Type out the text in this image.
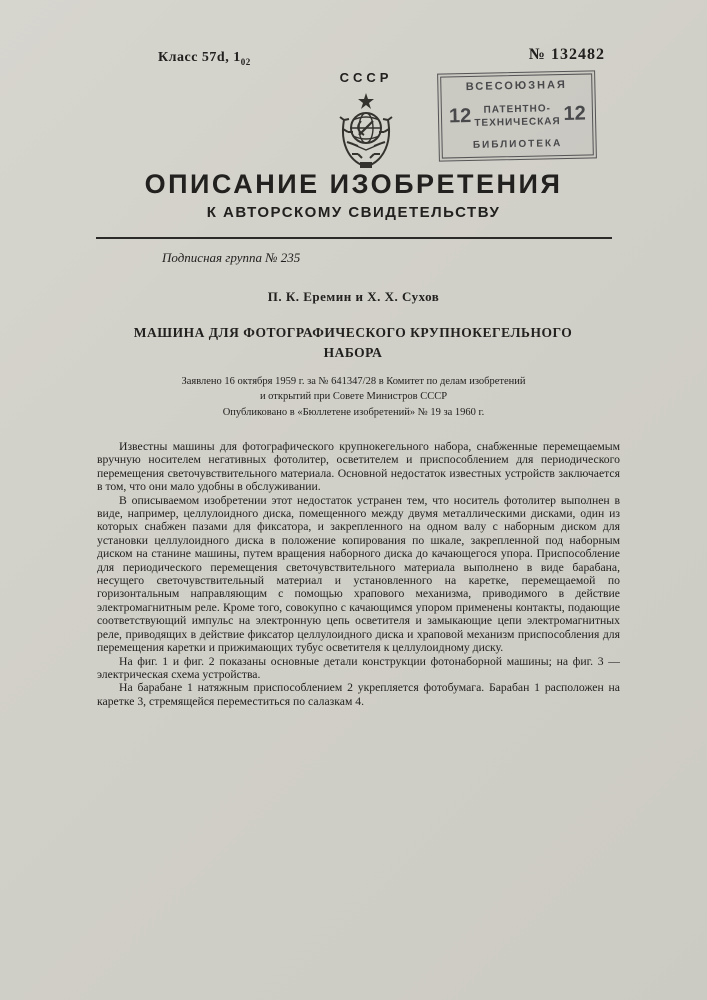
Класс 57d, $1_{02}$	№ 132482
СССР
ВСЕСОЮЗНАЯ
12	ПАТЕНТНО-
ТЕХНИЧЕСКАЯ 12
БИБЛИОТЕКА
ОПИСАНИЕ ИЗОБРЕТЕНИЯ
К АВТОРСКОМУ СВИДЕТЕЛЬСТВУ
Подписная группа № 235
П. К. Еремин и Х. Х. Сухов
МАШИНА ДЛЯ ФОТОГРАФИЧЕСКОГО КРУПНОКЕГЕЛЬНОГО НАБОРА
Заявлено 16 октября 1959 г. за № 641347/28 в Комитет по делам изобретений
и открытий при Совете Министров СССР
Опубликовано в «Бюллетене изобретений» № 19 за 1960 г.

Известны машины для фотографического крупнокегельного набора, снабженные перемещаемым вручную носителем негативных фотолитер, осветителем и приспособлением для периодического перемещения светочувствительного материала. Основной недостаток известных устройств заключается в том, что они мало удобны в обслуживании.

В описываемом изобретении этот недостаток устранен тем, что носитель фотолитер выполнен в виде, например, целлулоидного диска, помещенного между двумя металлическими дисками, один из которых снабжен пазами для фиксатора, и закрепленного на одном валу с наборным диском для установки целлулоидного диска в положение копирования по шкале, закрепленной под наборным диском на станине машины, путем вращения наборного диска до качающегося упора. Приспособление для периодического перемещения светочувствительного материала выполнено в виде барабана, несущего светочувствительный материал и установленного на каретке, перемещаемой по горизонтальным направляющим с помощью храпового механизма, приводимого в действие электромагнитным реле. Кроме того, совокупно с качающимся упором применены контакты, подающие соответствующий импульс на электронную цепь осветителя и замыкающие цепи электромагнитных реле, приводящих в действие фиксатор целлулоидного диска и храповой механизм приспособления для перемещения каретки и прижимающих тубус осветителя к целлулоидному диску.

На фиг. 1 и фиг. 2 показаны основные детали конструкции фотонаборной машины; на фиг. 3 — электрическая схема устройства.

На барабане 1 натяжным приспособлением 2 укрепляется фотобумага. Барабан 1 расположен на каретке 3, стремящейся переместиться по салазкам 4.
